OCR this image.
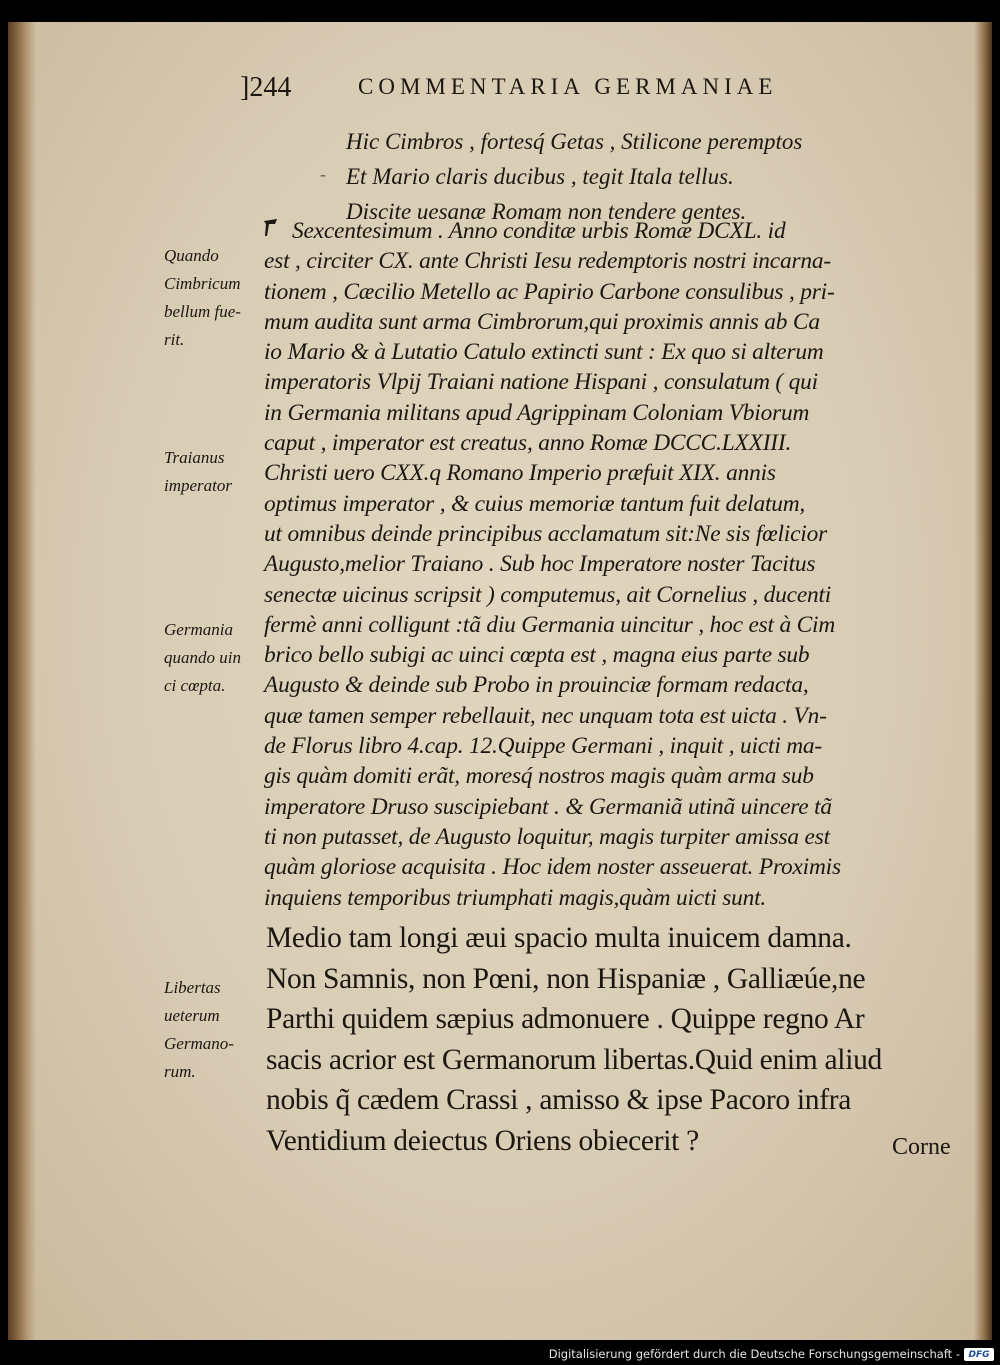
]244	COMMENTARIA GERMANIAE
-
Hic Cimbros , fortesq́ Getas , Stilicone peremptos
Et Mario claris ducibus , tegit Itala tellus.
Discite uesanæ Romam non tendere gentes.
Sexcentesimum . Anno conditæ urbis Romæ DCXL. id
est , circiter CX. ante Christi Iesu redemptoris nostri incarna-
tionem , Cæcilio Metello ac Papirio Carbone consulibus , pri-
mum audita sunt arma Cimbrorum,qui proximis annis ab Ca
io Mario & à Lutatio Catulo extincti sunt : Ex quo si alterum
imperatoris Vlpij Traiani natione Hispani , consulatum ( qui
in Germania militans apud Agrippinam Coloniam Vbiorum
caput , imperator est creatus, anno Romæ DCCC.LXXIII.
Christi uero CXX.q Romano Imperio præfuit XIX. annis
optimus imperator , & cuius memoriæ tantum fuit delatum,
ut omnibus deinde principibus acclamatum sit:Ne sis fœlicior
Augusto,melior Traiano . Sub hoc Imperatore noster Tacitus
senectæ uicinus scripsit ) computemus, ait Cornelius , ducenti
fermè anni colligunt :tã diu Germania uincitur , hoc est à Cim
brico bello subigi ac uinci cœpta est , magna eius parte sub
Augusto & deinde sub Probo in prouinciæ formam redacta,
quæ tamen semper rebellauit, nec unquam tota est uicta . Vn-
de Florus libro 4.cap. 12.Quippe Germani , inquit , uicti ma-
gis quàm domiti erãt, moresq́ nostros magis quàm arma sub
imperatore Druso suscipiebant . & Germaniã utinã uincere tã
ti non putasset, de Augusto loquitur, magis turpiter amissa est
quàm gloriose acquisita . Hoc idem noster asseuerat. Proximis
inquiens temporibus triumphati magis,quàm uicti sunt.
Medio tam longi æui spacio multa inuicem damna.
Non Samnis, non Pœni, non Hispaniæ , Galliæúe,ne
Parthi quidem sæpius admonuere . Quippe regno Ar
sacis acrior est Germanorum libertas.Quid enim aliud
nobis q̃ cædem Crassi , amisso & ipse Pacoro infra
Ventidium deiectus Oriens obiecerit ?
Quando
Cimbricum
bellum fue-
rit.
Traianus
imperator
Germania
quando uin
ci cœpta.
Libertas
ueterum
Germano-
rum.
Corne
Digitalisierung gefördert durch die Deutsche Forschungsgemeinschaft - DFG
